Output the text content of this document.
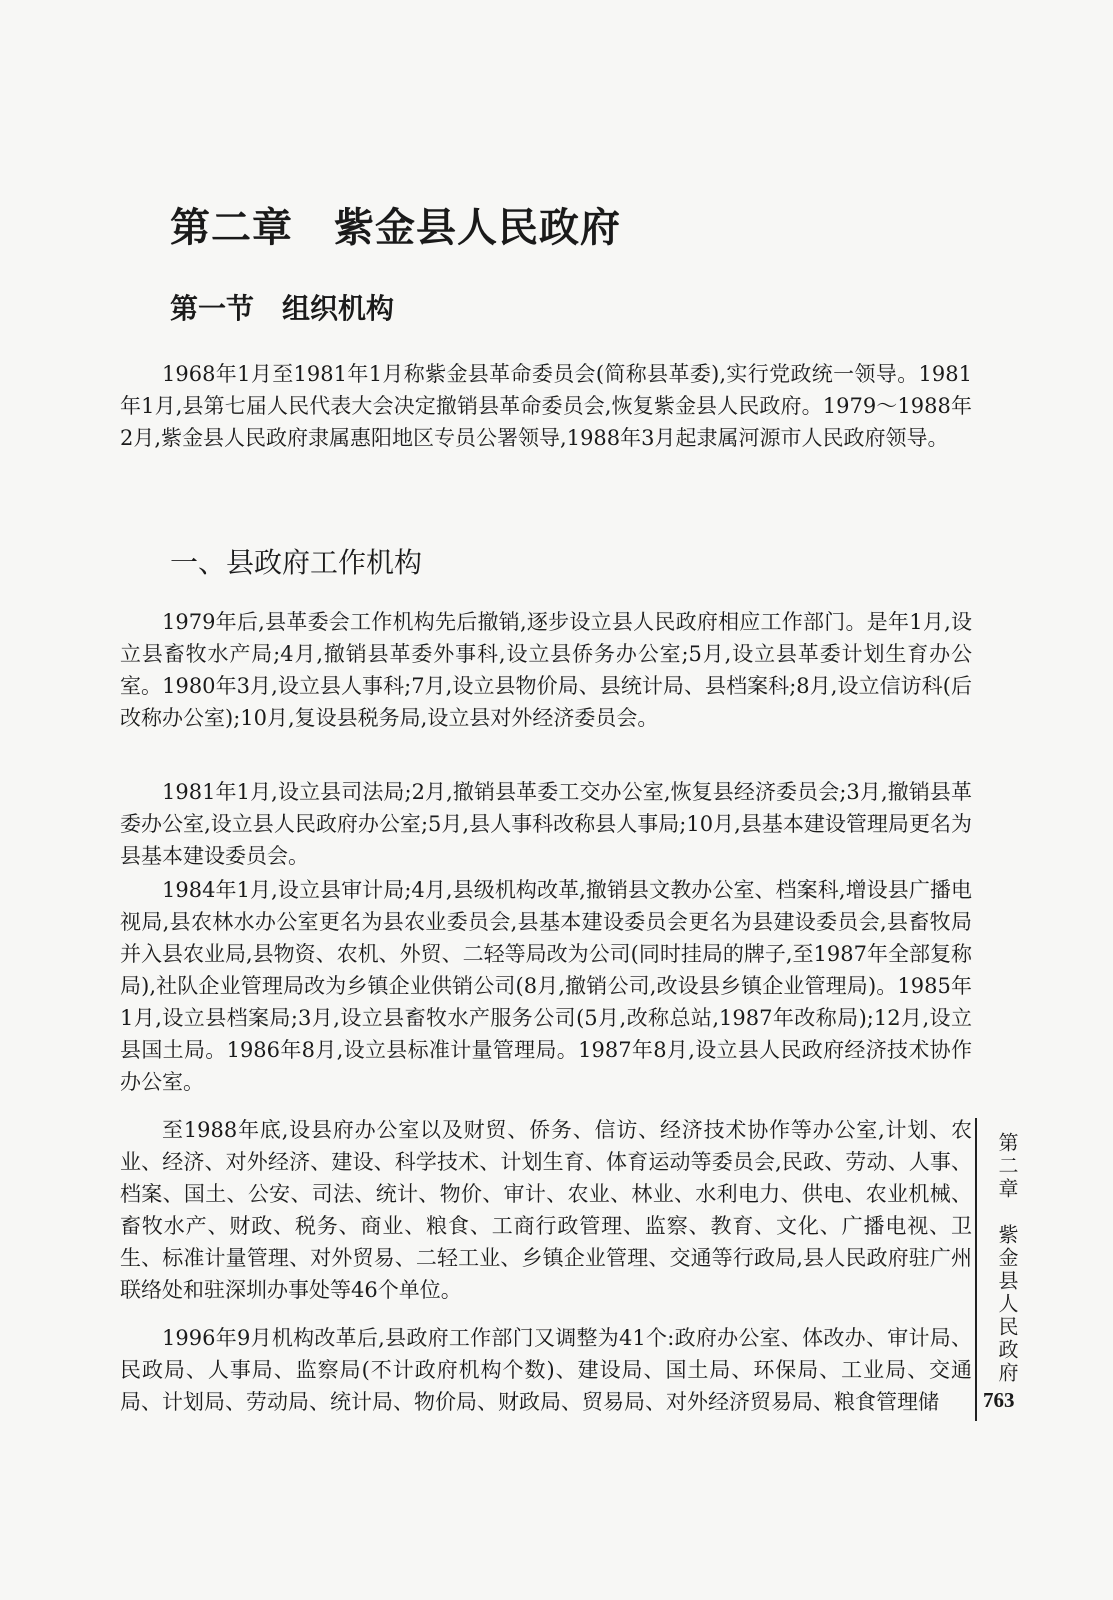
第二章　紫金县人民政府
第一节　组织机构

1968年1月至1981年1月称紫金县革命委员会(简称县革委),实行党政统一领导。1981年1月,县第七届人民代表大会决定撤销县革命委员会,恢复紫金县人民政府。1979～1988年2月,紫金县人民政府隶属惠阳地区专员公署领导,1988年3月起隶属河源市人民政府领导。

一、县政府工作机构

1979年后,县革委会工作机构先后撤销,逐步设立县人民政府相应工作部门。是年1月,设立县畜牧水产局;4月,撤销县革委外事科,设立县侨务办公室;5月,设立县革委计划生育办公室。1980年3月,设立县人事科;7月,设立县物价局、县统计局、县档案科;8月,设立信访科(后改称办公室);10月,复设县税务局,设立县对外经济委员会。

1981年1月,设立县司法局;2月,撤销县革委工交办公室,恢复县经济委员会;3月,撤销县革委办公室,设立县人民政府办公室;5月,县人事科改称县人事局;10月,县基本建设管理局更名为县基本建设委员会。

1984年1月,设立县审计局;4月,县级机构改革,撤销县文教办公室、档案科,增设县广播电视局,县农林水办公室更名为县农业委员会,县基本建设委员会更名为县建设委员会,县畜牧局并入县农业局,县物资、农机、外贸、二轻等局改为公司(同时挂局的牌子,至1987年全部复称局),社队企业管理局改为乡镇企业供销公司(8月,撤销公司,改设县乡镇企业管理局)。1985年1月,设立县档案局;3月,设立县畜牧水产服务公司(5月,改称总站,1987年改称局);12月,设立县国土局。1986年8月,设立县标准计量管理局。1987年8月,设立县人民政府经济技术协作办公室。

至1988年底,设县府办公室以及财贸、侨务、信访、经济技术协作等办公室,计划、农业、经济、对外经济、建设、科学技术、计划生育、体育运动等委员会,民政、劳动、人事、档案、国土、公安、司法、统计、物价、审计、农业、林业、水利电力、供电、农业机械、畜牧水产、财政、税务、商业、粮食、工商行政管理、监察、教育、文化、广播电视、卫生、标准计量管理、对外贸易、二轻工业、乡镇企业管理、交通等行政局,县人民政府驻广州联络处和驻深圳办事处等46个单位。

1996年9月机构改革后,县政府工作部门又调整为41个:政府办公室、体改办、审计局、民政局、人事局、监察局(不计政府机构个数)、建设局、国土局、环保局、工业局、交通局、计划局、劳动局、统计局、物价局、财政局、贸易局、对外经济贸易局、粮食管理储

第二章　紫金县人民政府
763
